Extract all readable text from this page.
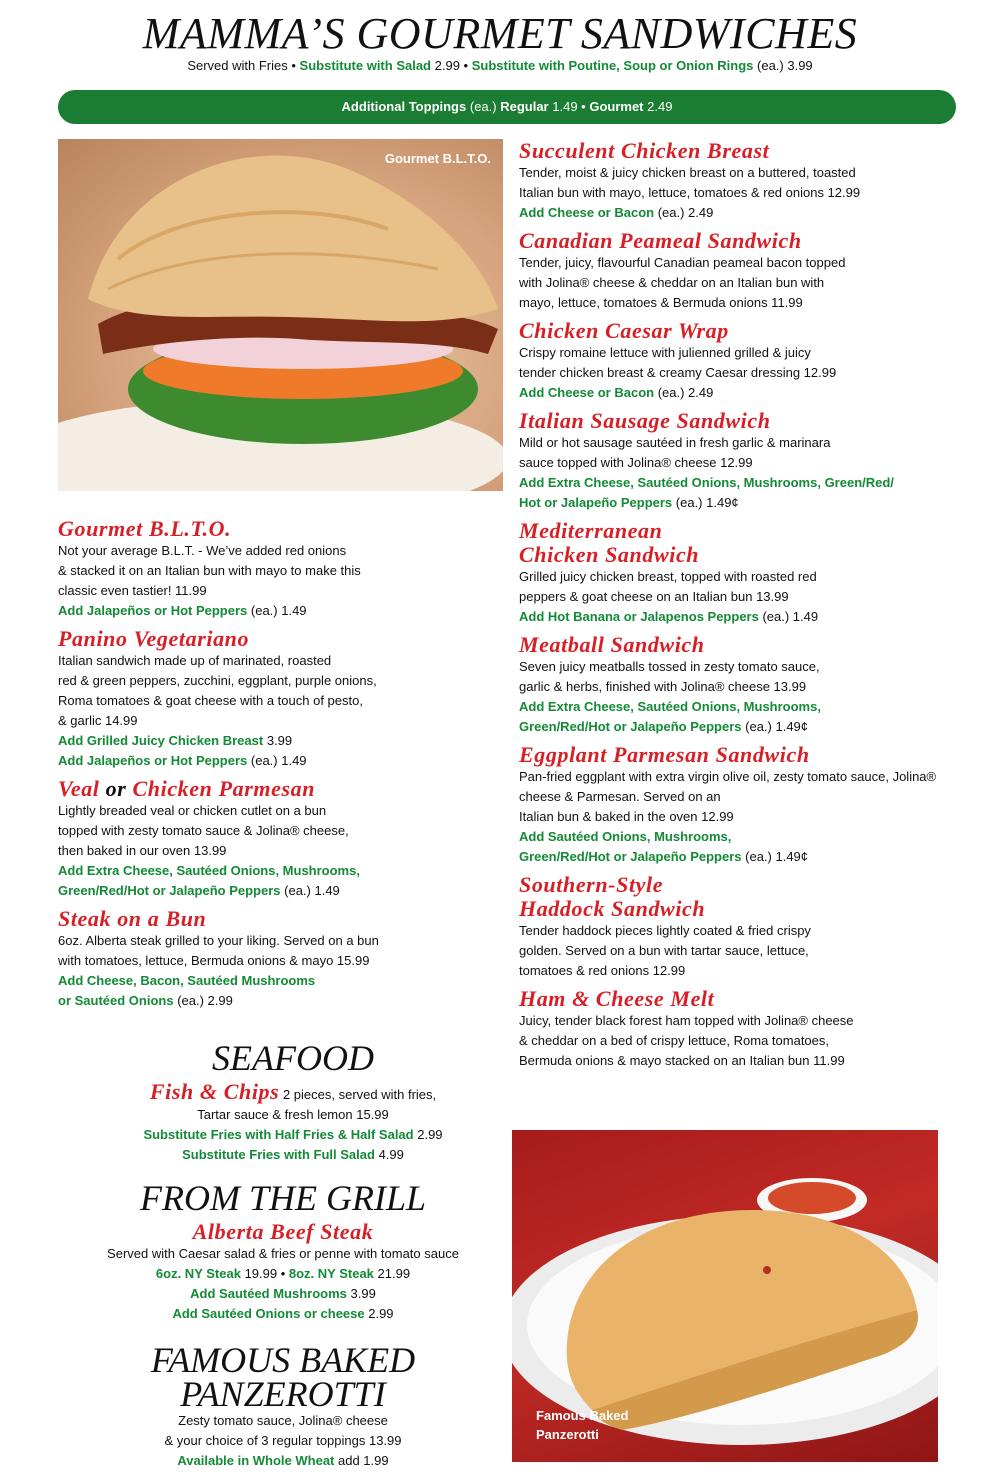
MAMMA’S GOURMET SANDWICHES
Served with Fries • Substitute with Salad 2.99 • Substitute with Poutine, Soup or Onion Rings (ea.) 3.99
Additional Toppings (ea.) Regular 1.49 • Gourmet 2.49
Gourmet B.L.T.O.

Gourmet B.L.T.O.

Not your average B.L.T. - We’ve added red onions

& stacked it on an Italian bun with mayo to make this

classic even tastier! 11.99

Add Jalapeños or Hot Peppers (ea.) 1.49

Panino Vegetariano

Italian sandwich made up of marinated, roasted

red & green peppers, zucchini, eggplant, purple onions,

Roma tomatoes & goat cheese with a touch of pesto,

& garlic 14.99

Add Grilled Juicy Chicken Breast 3.99

Add Jalapeños or Hot Peppers (ea.) 1.49

Veal or Chicken Parmesan

Lightly breaded veal or chicken cutlet on a bun

topped with zesty tomato sauce & Jolina® cheese,

then baked in our oven 13.99

Add Extra Cheese, Sautéed Onions, Mushrooms,

Green/Red/Hot or Jalapeño Peppers (ea.) 1.49

Steak on a Bun

6oz. Alberta steak grilled to your liking. Served on a bun

with tomatoes, lettuce, Bermuda onions & mayo 15.99

Add Cheese, Bacon, Sautéed Mushrooms

or Sautéed Onions (ea.) 2.99

SEAFOOD

Fish & Chips 2 pieces, served with fries,

Tartar sauce & fresh lemon 15.99

Substitute Fries with Half Fries & Half Salad 2.99

Substitute Fries with Full Salad 4.99

FROM THE GRILL

Alberta Beef Steak

Served with Caesar salad & fries or penne with tomato sauce

6oz. NY Steak 19.99 • 8oz. NY Steak 21.99

Add Sautéed Mushrooms 3.99

Add Sautéed Onions or cheese 2.99

FAMOUS BAKED

PANZEROTTI

Zesty tomato sauce, Jolina® cheese

& your choice of 3 regular toppings 13.99

Available in Whole Wheat add 1.99

Succulent Chicken Breast

Tender, moist & juicy chicken breast on a buttered, toasted

Italian bun with mayo, lettuce, tomatoes & red onions 12.99

Add Cheese or Bacon (ea.) 2.49

Canadian Peameal Sandwich

Tender, juicy, flavourful Canadian peameal bacon topped

with Jolina® cheese & cheddar on an Italian bun with

mayo, lettuce, tomatoes & Bermuda onions 11.99

Chicken Caesar Wrap

Crispy romaine lettuce with julienned grilled & juicy

tender chicken breast & creamy Caesar dressing 12.99

Add Cheese or Bacon (ea.) 2.49

Italian Sausage Sandwich

Mild or hot sausage sautéed in fresh garlic & marinara

sauce topped with Jolina® cheese 12.99

Add Extra Cheese, Sautéed Onions, Mushrooms, Green/Red/

Hot or Jalapeño Peppers (ea.) 1.49¢

Mediterranean

Chicken Sandwich

Grilled juicy chicken breast, topped with roasted red

peppers & goat cheese on an Italian bun 13.99

Add Hot Banana or Jalapenos Peppers (ea.) 1.49

Meatball Sandwich

Seven juicy meatballs tossed in zesty tomato sauce,

garlic & herbs, finished with Jolina® cheese 13.99

Add Extra Cheese, Sautéed Onions, Mushrooms,

Green/Red/Hot or Jalapeño Peppers (ea.) 1.49¢

Eggplant Parmesan Sandwich

Pan-fried eggplant with extra virgin olive oil, zesty tomato sauce, Jolina®

cheese & Parmesan. Served on an

Italian bun & baked in the oven 12.99

Add Sautéed Onions, Mushrooms,

Green/Red/Hot or Jalapeño Peppers (ea.) 1.49¢

Southern-Style

Haddock Sandwich

Tender haddock pieces lightly coated & fried crispy

golden. Served on a bun with tartar sauce, lettuce,

tomatoes & red onions 12.99

Ham & Cheese Melt

Juicy, tender black forest ham topped with Jolina® cheese

& cheddar on a bed of crispy lettuce, Roma tomatoes,

Bermuda onions & mayo stacked on an Italian bun 11.99

Famous Baked
Panzerotti
